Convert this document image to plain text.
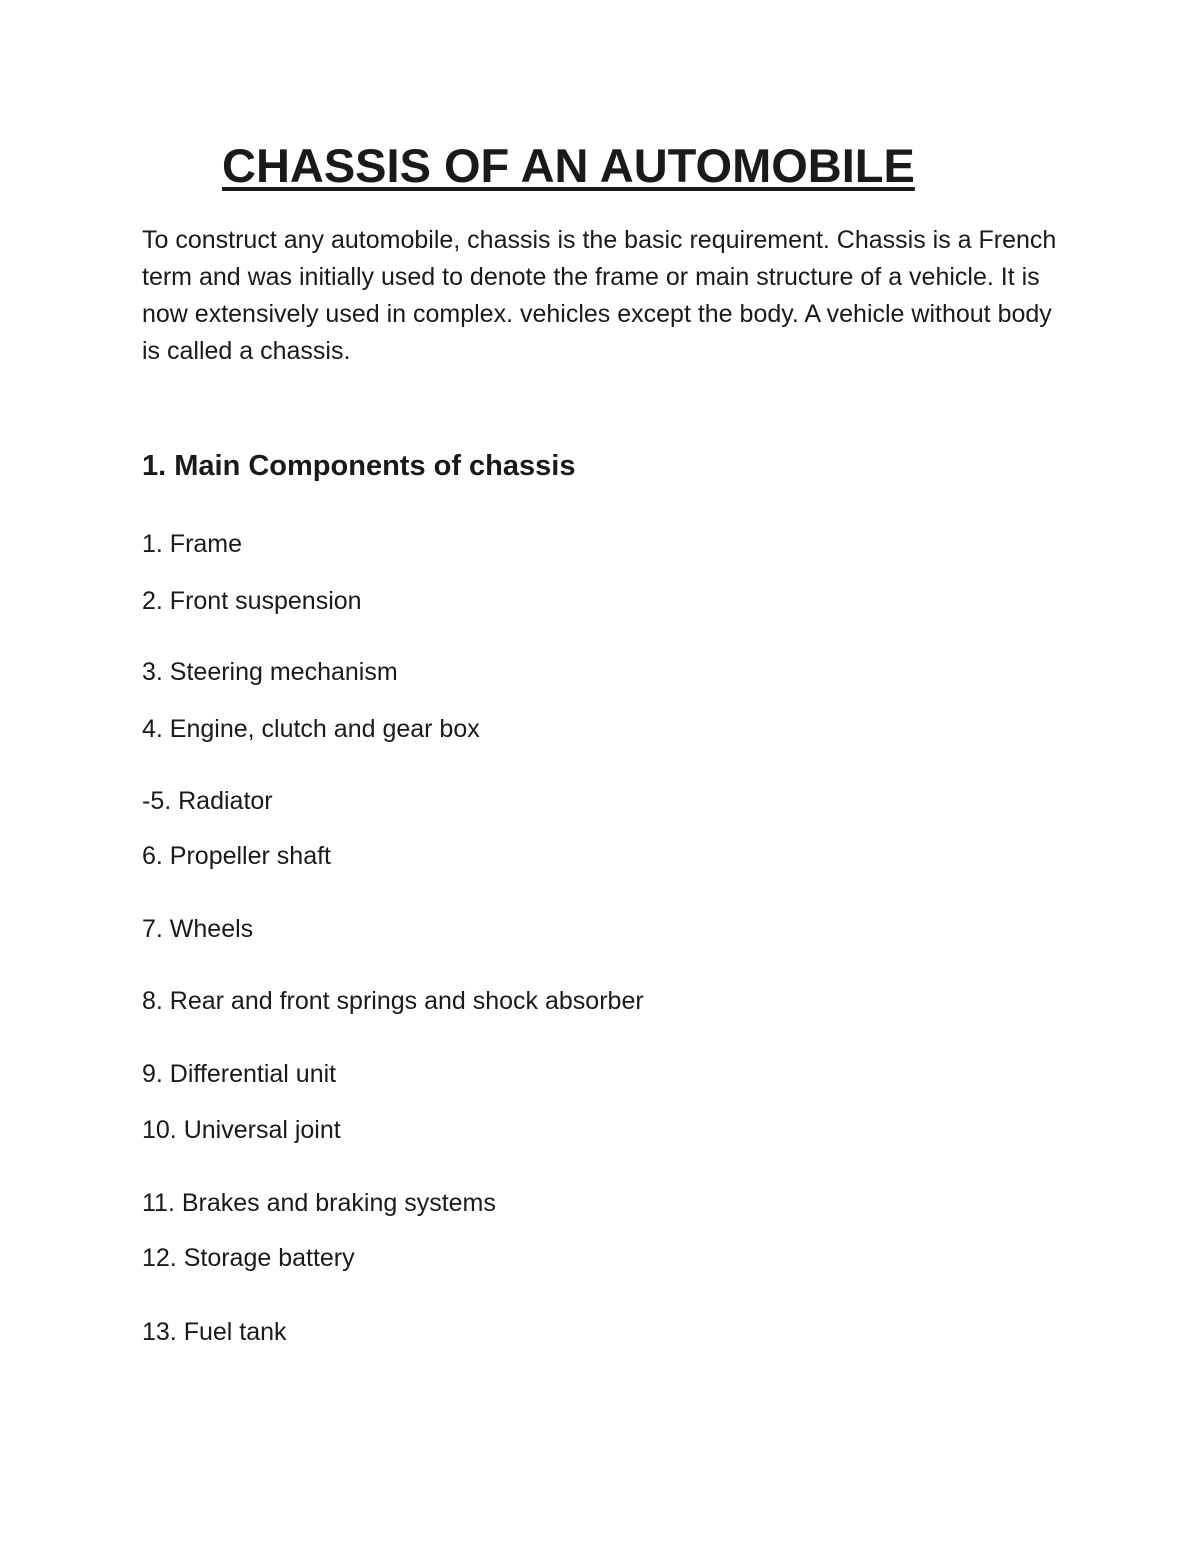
CHASSIS OF AN AUTOMOBILE

To construct any automobile, chassis is the basic requirement. Chassis is a French term and was initially used to denote the frame or main structure of a vehicle. It is now extensively used in complex. vehicles except the body. A vehicle without body is called a chassis.

1. Main Components of chassis

1. Frame

2. Front suspension

3. Steering mechanism

4. Engine, clutch and gear box

-5. Radiator

6. Propeller shaft

7. Wheels

8. Rear and front springs and shock absorber

9. Differential unit

10. Universal joint

11. Brakes and braking systems

12. Storage battery

13. Fuel tank
